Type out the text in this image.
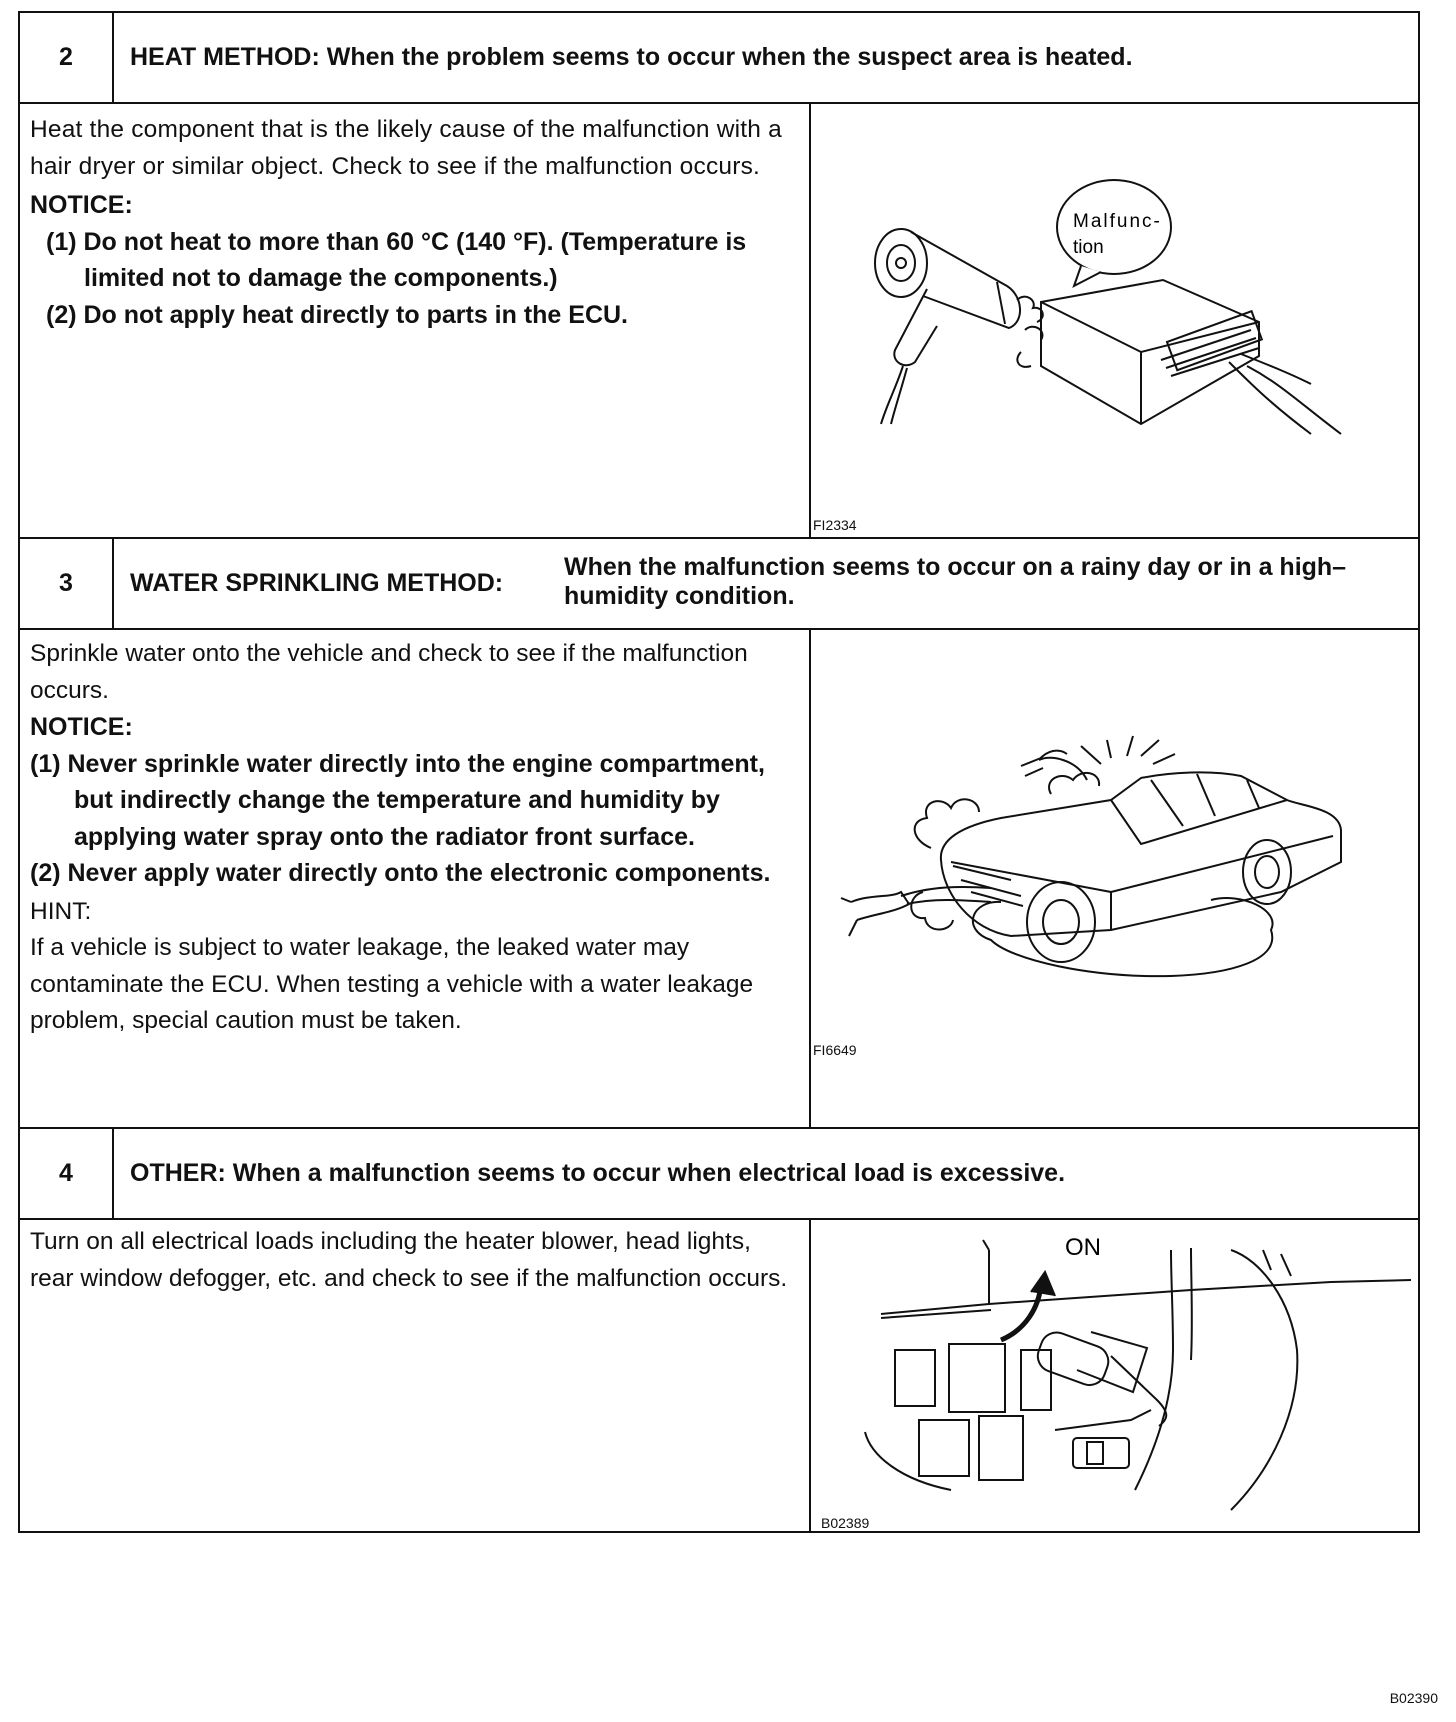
2	HEAT METHOD: When the problem seems to occur when the suspect area is heated.

Heat the component that is the likely cause of the malfunction with a hair dryer or similar object. Check to see if the malfunction occurs.

NOTICE:

(1) Do not heat to more than 60 °C (140 °F). (Temperature is limited not to damage the components.)

(2) Do not apply heat directly to parts in the ECU.

Malfunc-
tion
FI2334
3	WATER SPRINKLING METHOD:
When the malfunction seems to occur on a rainy day or in a high–humidity condition.

Sprinkle water onto the vehicle and check to see if the malfunction occurs.

NOTICE:

(1) Never sprinkle water directly into the engine compartment, but indirectly change the temperature and humidity by applying water spray onto the radiator front surface.

(2) Never apply water directly onto the electronic components.

HINT:

If a vehicle is subject to water leakage, the leaked water may contaminate the ECU. When testing a vehicle with a water leakage problem, special caution must be taken.

FI6649
4	OTHER: When a malfunction seems to occur when electrical load is excessive.

Turn on all electrical loads including the heater blower, head lights, rear window defogger, etc. and check to see if the malfunction occurs.

ON
B02389
B02390
